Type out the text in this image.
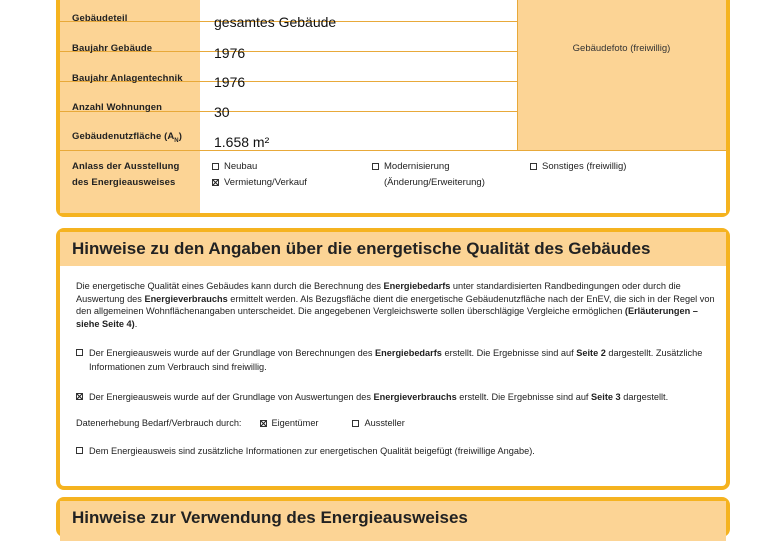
Gebäudeteil	gesamtes Gebäude
Baujahr Gebäude	1976
Baujahr Anlagentechnik 1976
Anzahl Wohnungen	30
Gebäudenutzfläche $(A_N)$ 1.658 m²
Gebäudefoto (freiwillig)
Anlass der Ausstellung
des Energieausweises
Neubau
Vermietung/Verkauf
Modernisierung
(Änderung/Erweiterung)
Sonstiges (freiwillig)
Hinweise zu den Angaben über die energetische Qualität des Gebäudes
Die energetische Qualität eines Gebäudes kann durch die Berechnung des Energiebedarfs unter standardisierten Randbedingungen oder durch die Auswertung des Energieverbrauchs ermittelt werden. Als Bezugsfläche dient die energetische Gebäudenutzfläche nach der EnEV, die sich in der Regel von den allgemeinen Wohnflächenangaben unterscheidet. Die angegebenen Vergleichswerte sollen überschlägige Vergleiche ermöglichen (Erläuterungen – siehe Seite 4).
Der Energieausweis wurde auf der Grundlage von Berechnungen des Energiebedarfs erstellt. Die Ergebnisse sind auf Seite 2 dargestellt. Zusätzliche Informationen zum Verbrauch sind freiwillig.
Der Energieausweis wurde auf der Grundlage von Auswertungen des Energieverbrauchs erstellt. Die Ergebnisse sind auf Seite 3 dargestellt.
Datenerhebung Bedarf/Verbrauch durch:	Eigentümer	Aussteller
Dem Energieausweis sind zusätzliche Informationen zur energetischen Qualität beigefügt (freiwillige Angabe).
Hinweise zur Verwendung des Energieausweises
